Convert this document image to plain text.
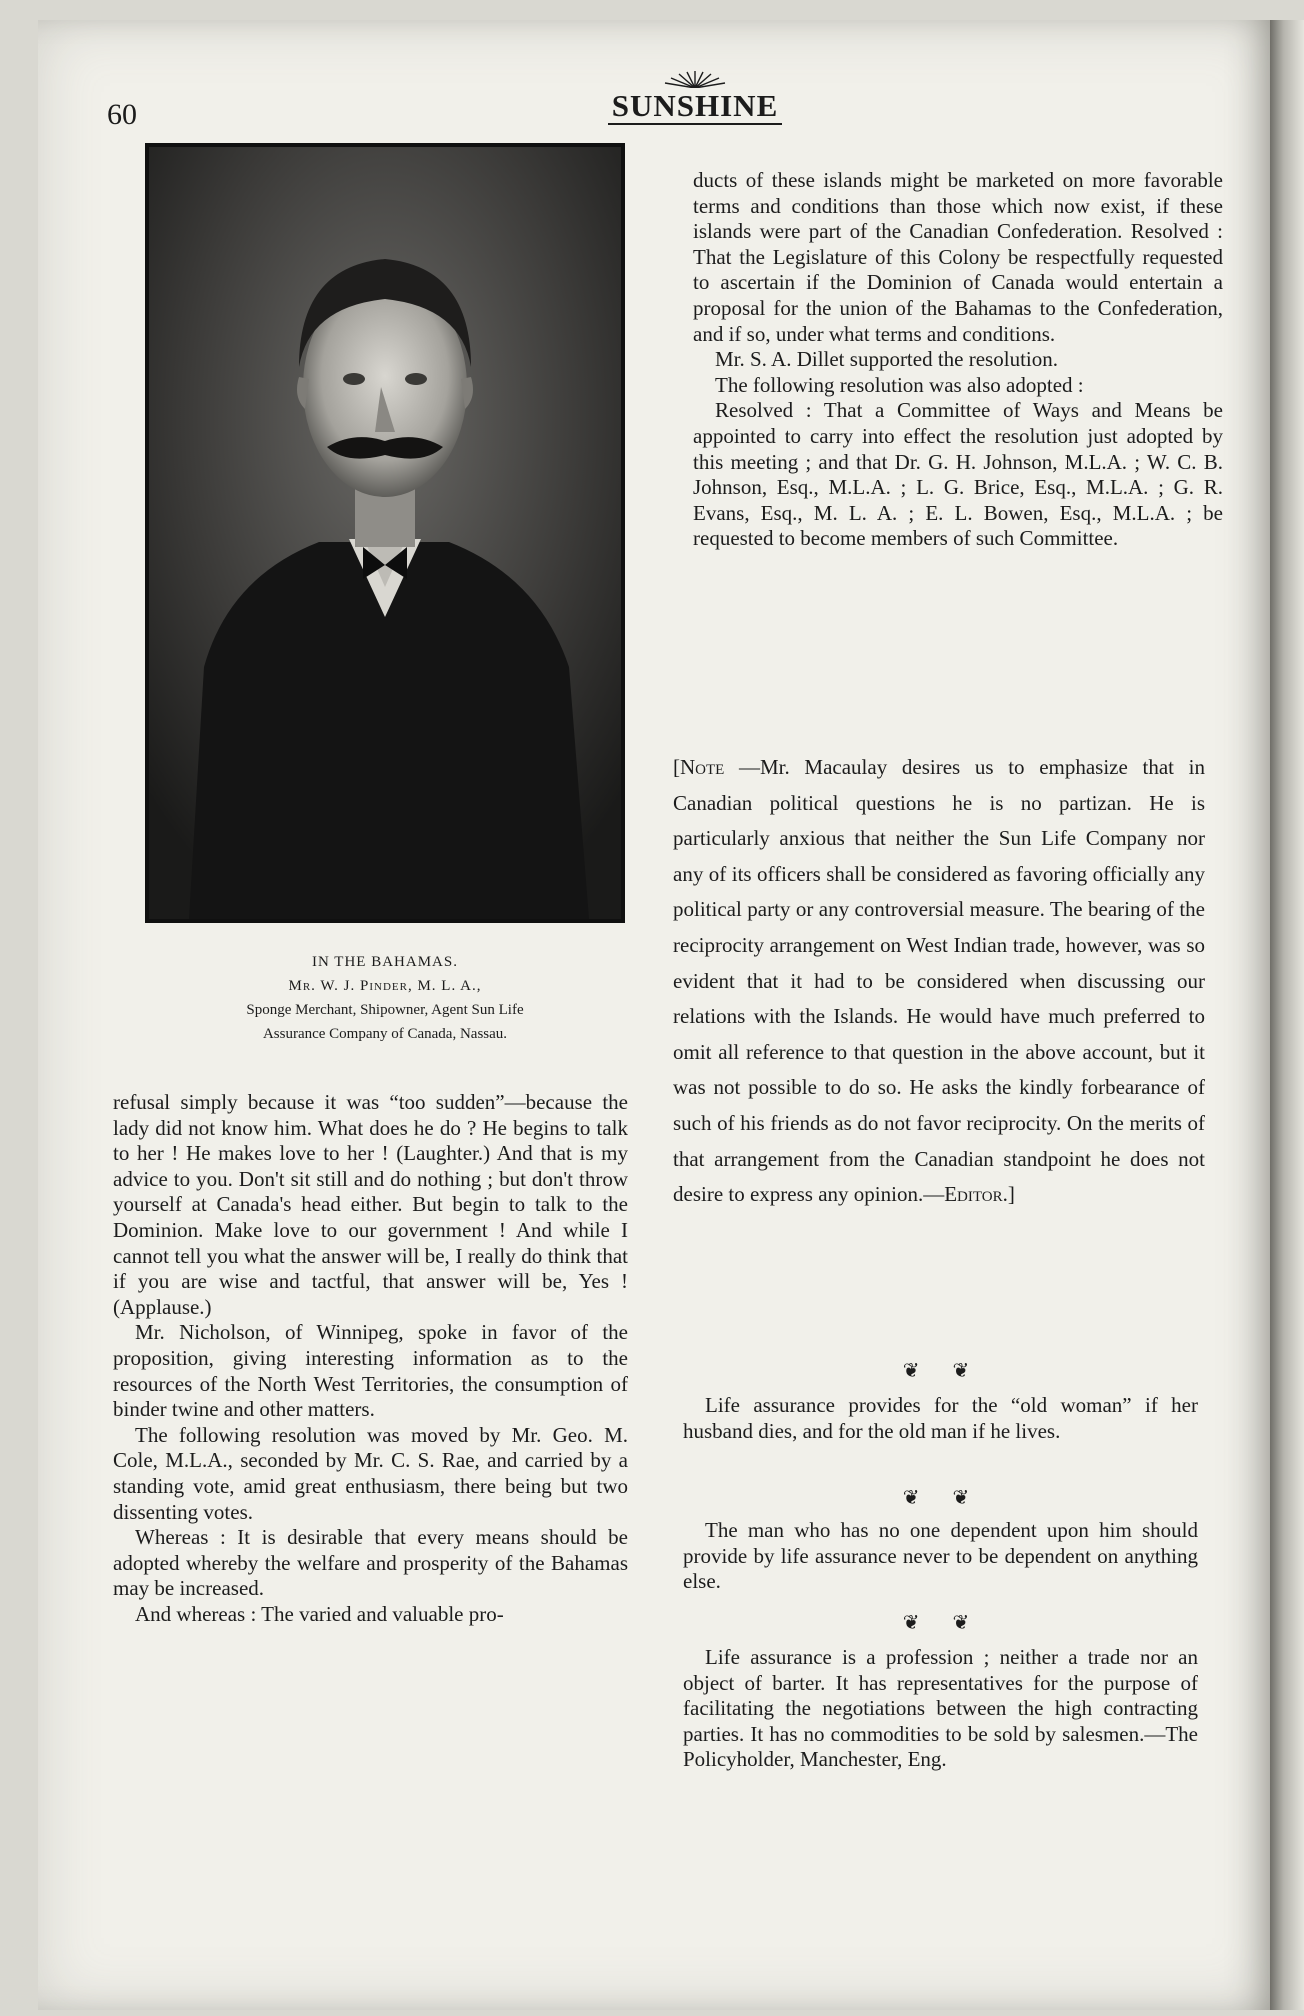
60	SUNSHINE
IN THE BAHAMAS.
Mr. W. J. Pinder, M. L. A.,
Sponge Merchant, Shipowner, Agent Sun Life
Assurance Company of Canada, Nassau.

ducts of these islands might be marketed on more favorable terms and conditions than those which now exist, if these islands were part of the Canadian Confederation. Resolved : That the Legislature of this Colony be respectfully requested to ascertain if the Dominion of Canada would entertain a proposal for the union of the Bahamas to the Confederation, and if so, under what terms and conditions.

Mr. S. A. Dillet supported the resolution.

The following resolution was also adopted :

Resolved : That a Committee of Ways and Means be appointed to carry into effect the resolution just adopted by this meeting ; and that Dr. G. H. Johnson, M.L.A. ; W. C. B. Johnson, Esq., M.L.A. ; L. G. Brice, Esq., M.L.A. ; G. R. Evans, Esq., M. L. A. ; E. L. Bowen, Esq., M.L.A. ; be requested to become members of such Committee.

[Note —Mr. Macaulay desires us to emphasize that in Canadian political questions he is no partizan. He is particularly anxious that neither the Sun Life Company nor any of its officers shall be considered as favoring officially any political party or any controversial measure. The bearing of the reciprocity arrangement on West Indian trade, however, was so evident that it had to be considered when discussing our relations with the Islands. He would have much preferred to omit all reference to that question in the above account, but it was not possible to do so. He asks the kindly forbearance of such of his friends as do not favor reciprocity. On the merits of that arrangement from the Canadian standpoint he does not desire to express any opinion.—Editor.]

refusal simply because it was “too sudden”—because the lady did not know him. What does he do ? He begins to talk to her ! He makes love to her ! (Laughter.) And that is my advice to you. Don't sit still and do nothing ; but don't throw yourself at Canada's head either. But begin to talk to the Dominion. Make love to our government ! And while I cannot tell you what the answer will be, I really do think that if you are wise and tactful, that answer will be, Yes ! (Applause.)

Mr. Nicholson, of Winnipeg, spoke in favor of the proposition, giving interesting information as to the resources of the North West Territories, the consumption of binder twine and other matters.

The following resolution was moved by Mr. Geo. M. Cole, M.L.A., seconded by Mr. C. S. Rae, and carried by a standing vote, amid great enthusiasm, there being but two dissenting votes.

Whereas : It is desirable that every means should be adopted whereby the welfare and prosperity of the Bahamas may be increased.

And whereas : The varied and valuable pro-

❦ ❦

Life assurance provides for the “old woman” if her husband dies, and for the old man if he lives.

❦ ❦

The man who has no one dependent upon him should provide by life assurance never to be dependent on anything else.

❦ ❦

Life assurance is a profession ; neither a trade nor an object of barter. It has representatives for the purpose of facilitating the negotiations between the high contracting parties. It has no commodities to be sold by salesmen.—The Policyholder, Manchester, Eng.
